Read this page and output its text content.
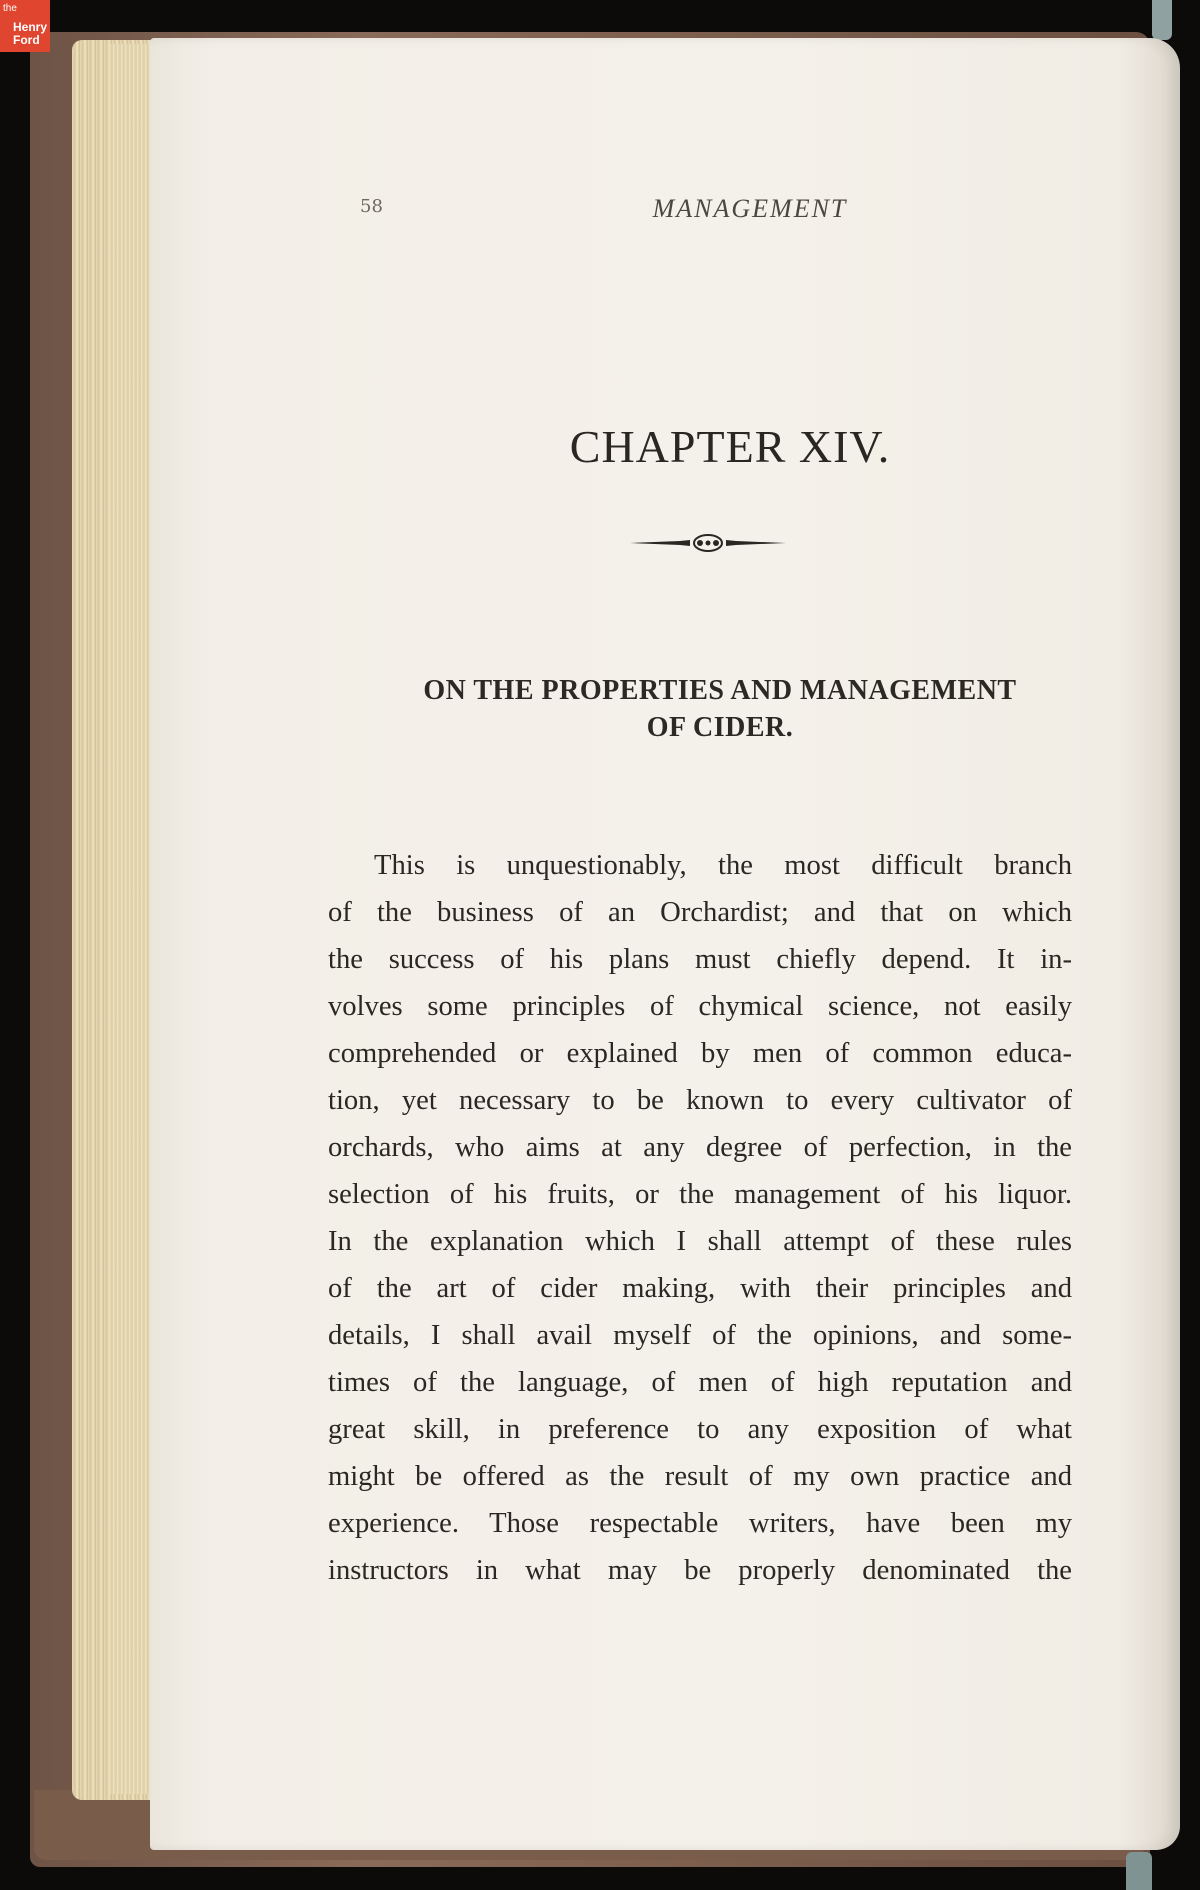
the
Henry
Ford
58	MANAGEMENT
CHAPTER XIV.
ON THE PROPERTIES AND MANAGEMENT
OF CIDER.
This is unquestionably, the most difficult branch
of the business of an Orchardist; and that on which
the success of his plans must chiefly depend. It in-
volves some principles of chymical science, not easily
comprehended or explained by men of common educa-
tion, yet necessary to be known to every cultivator of
orchards, who aims at any degree of perfection, in the
selection of his fruits, or the management of his liquor.
In the explanation which I shall attempt of these rules
of the art of cider making, with their principles and
details, I shall avail myself of the opinions, and some-
times of the language, of men of high reputation and
great skill, in preference to any exposition of what
might be offered as the result of my own practice and
experience. Those respectable writers, have been my
instructors in what may be properly denominated the
